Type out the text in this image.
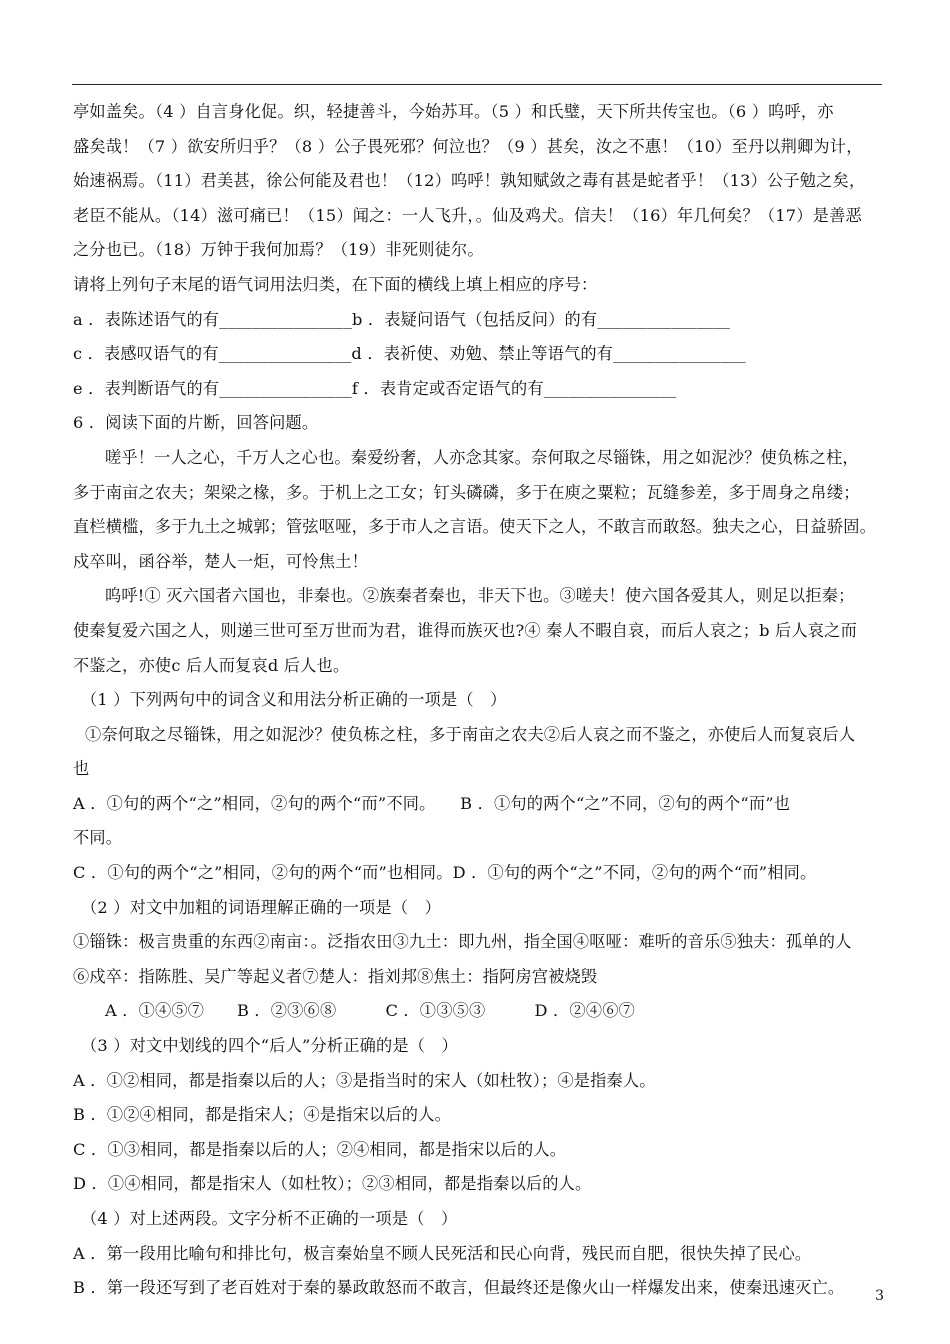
亭如盖矣。（4 ）自言身化促。织，轻捷善斗，今始苏耳。（5 ）和氏璧，天下所共传宝也。（6 ）呜呼，亦
盛矣哉！（7 ）欲安所归乎？（8 ）公子畏死邪？何泣也？（9 ）甚矣，汝之不惠！（10）至丹以荆卿为计，
始速祸焉。（11）君美甚，徐公何能及君也！（12）呜呼！孰知赋敛之毒有甚是蛇者乎！（13）公子勉之矣，
老臣不能从。（14）滋可痛已！（15）闻之：一人飞升，。仙及鸡犬。信夫！（16）年几何矣？（17）是善恶
之分也已。（18）万钟于我何加焉？（19）非死则徒尔。
请将上列句子末尾的语气词用法归类，在下面的横线上填上相应的序号：
a ．表陈述语气的有________________b ．表疑问语气（包括反问）的有________________
c ．表感叹语气的有________________d ．表祈使、劝勉、禁止等语气的有________________
e ．表判断语气的有________________f ．表肯定或否定语气的有________________
6 ．阅读下面的片断，回答问题。
嗟乎！一人之心，千万人之心也。秦爱纷奢，人亦念其家。奈何取之尽锱铢，用之如泥沙？使负栋之柱，
多于南亩之农夫；架梁之椽，多。于机上之工女；钉头磷磷，多于在庾之粟粒；瓦缝参差，多于周身之帛缕；
直栏横槛，多于九土之城郭；管弦呕哑，多于市人之言语。使天下之人，不敢言而敢怒。独夫之心，日益骄固。
戍卒叫，函谷举，楚人一炬，可怜焦土！
呜呼!① 灭六国者六国也，非秦也。②族秦者秦也，非天下也。③嗟夫！使六国各爱其人，则足以拒秦；
使秦复爱六国之人，则递三世可至万世而为君，谁得而族灭也?④ 秦人不暇自哀，而后人哀之；b 后人哀之而
不鉴之，亦使c 后人而复哀d 后人也。
（1 ）下列两句中的词含义和用法分析正确的一项是（　）
①奈何取之尽锱铢，用之如泥沙？使负栋之柱，多于南亩之农夫②后人哀之而不鉴之，亦使后人而复哀后人
也
A ．①句的两个“之”相同，②句的两个“而”不同。　　B ．①句的两个“之”不同，②句的两个“而”也
不同。
C ．①句的两个“之”相同，②句的两个“而”也相同。D ．①句的两个“之”不同，②句的两个“而”相同。
（2 ）对文中加粗的词语理解正确的一项是（　）
①锱铢：极言贵重的东西②南亩：。泛指农田③九土：即九州，指全国④呕哑：难听的音乐⑤独夫：孤单的人
⑥戍卒：指陈胜、吴广等起义者⑦楚人：指刘邦⑧焦土：指阿房宫被烧毁
A ．①④⑤⑦　　B ．②③⑥⑧　　　C ．①③⑤③　　　D ．②④⑥⑦
（3 ）对文中划线的四个“后人”分析正确的是（　）
A ．①②相同，都是指秦以后的人；③是指当时的宋人（如杜牧）；④是指秦人。
B ．①②④相同，都是指宋人；④是指宋以后的人。
C ．①③相同，都是指秦以后的人；②④相同，都是指宋以后的人。
D ．①④相同，都是指宋人（如杜牧）；②③相同，都是指秦以后的人。
（4 ）对上述两段。文字分析不正确的一项是（　）
A ．第一段用比喻句和排比句，极言秦始皇不顾人民死活和民心向背，残民而自肥，很快失掉了民心。
B ．第一段还写到了老百姓对于秦的暴政敢怒而不敢言，但最终还是像火山一样爆发出来，使秦迅速灭亡。	3
